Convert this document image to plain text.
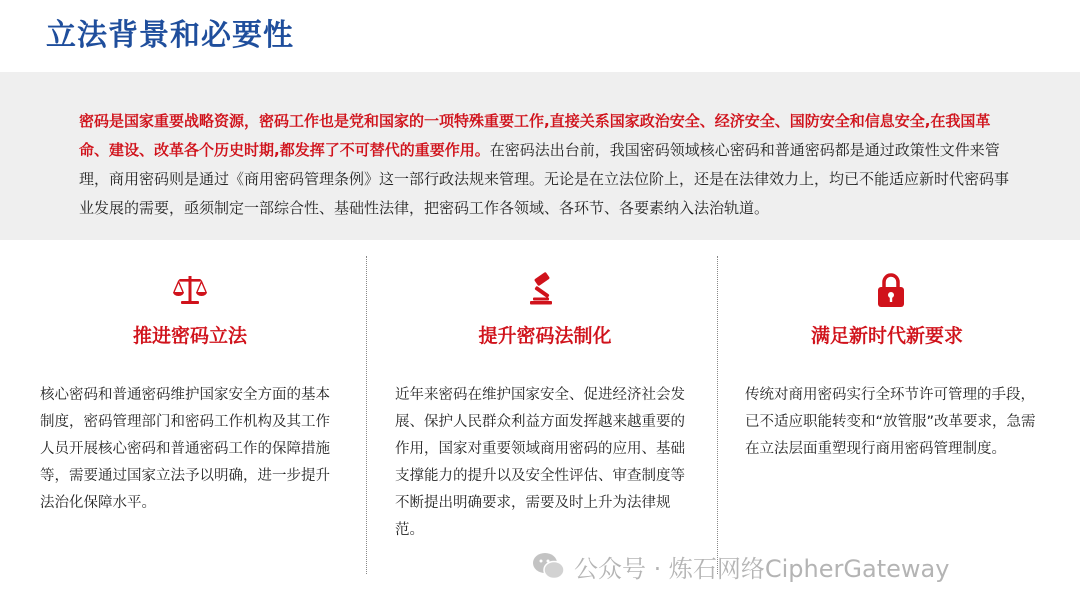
立法背景和必要性

密码是国家重要战略资源，密码工作也是党和国家的一项特殊重要工作,直接关系国家政治安全、经济安全、国防安全和信息安全,在我国革命、建设、改革各个历史时期,都发挥了不可替代的重要作用。在密码法出台前，我国密码领域核心密码和普通密码都是通过政策性文件来管理，商用密码则是通过《商用密码管理条例》这一部行政法规来管理。无论是在立法位阶上，还是在法律效力上，均已不能适应新时代密码事业发展的需要，亟须制定一部综合性、基础性法律，把密码工作各领域、各环节、各要素纳入法治轨道。

推进密码立法

核心密码和普通密码维护国家安全方面的基本制度，密码管理部门和密码工作机构及其工作人员开展核心密码和普通密码工作的保障措施等，需要通过国家立法予以明确，进一步提升法治化保障水平。

提升密码法制化

近年来密码在维护国家安全、促进经济社会发展、保护人民群众利益方面发挥越来越重要的作用，国家对重要领域商用密码的应用、基础支撑能力的提升以及安全性评估、审查制度等不断提出明确要求，需要及时上升为法律规范。

满足新时代新要求

传统对商用密码实行全环节许可管理的手段，已不适应职能转变和“放管服”改革要求，急需在立法层面重塑现行商用密码管理制度。

公众号 · 炼石网络CipherGateway
